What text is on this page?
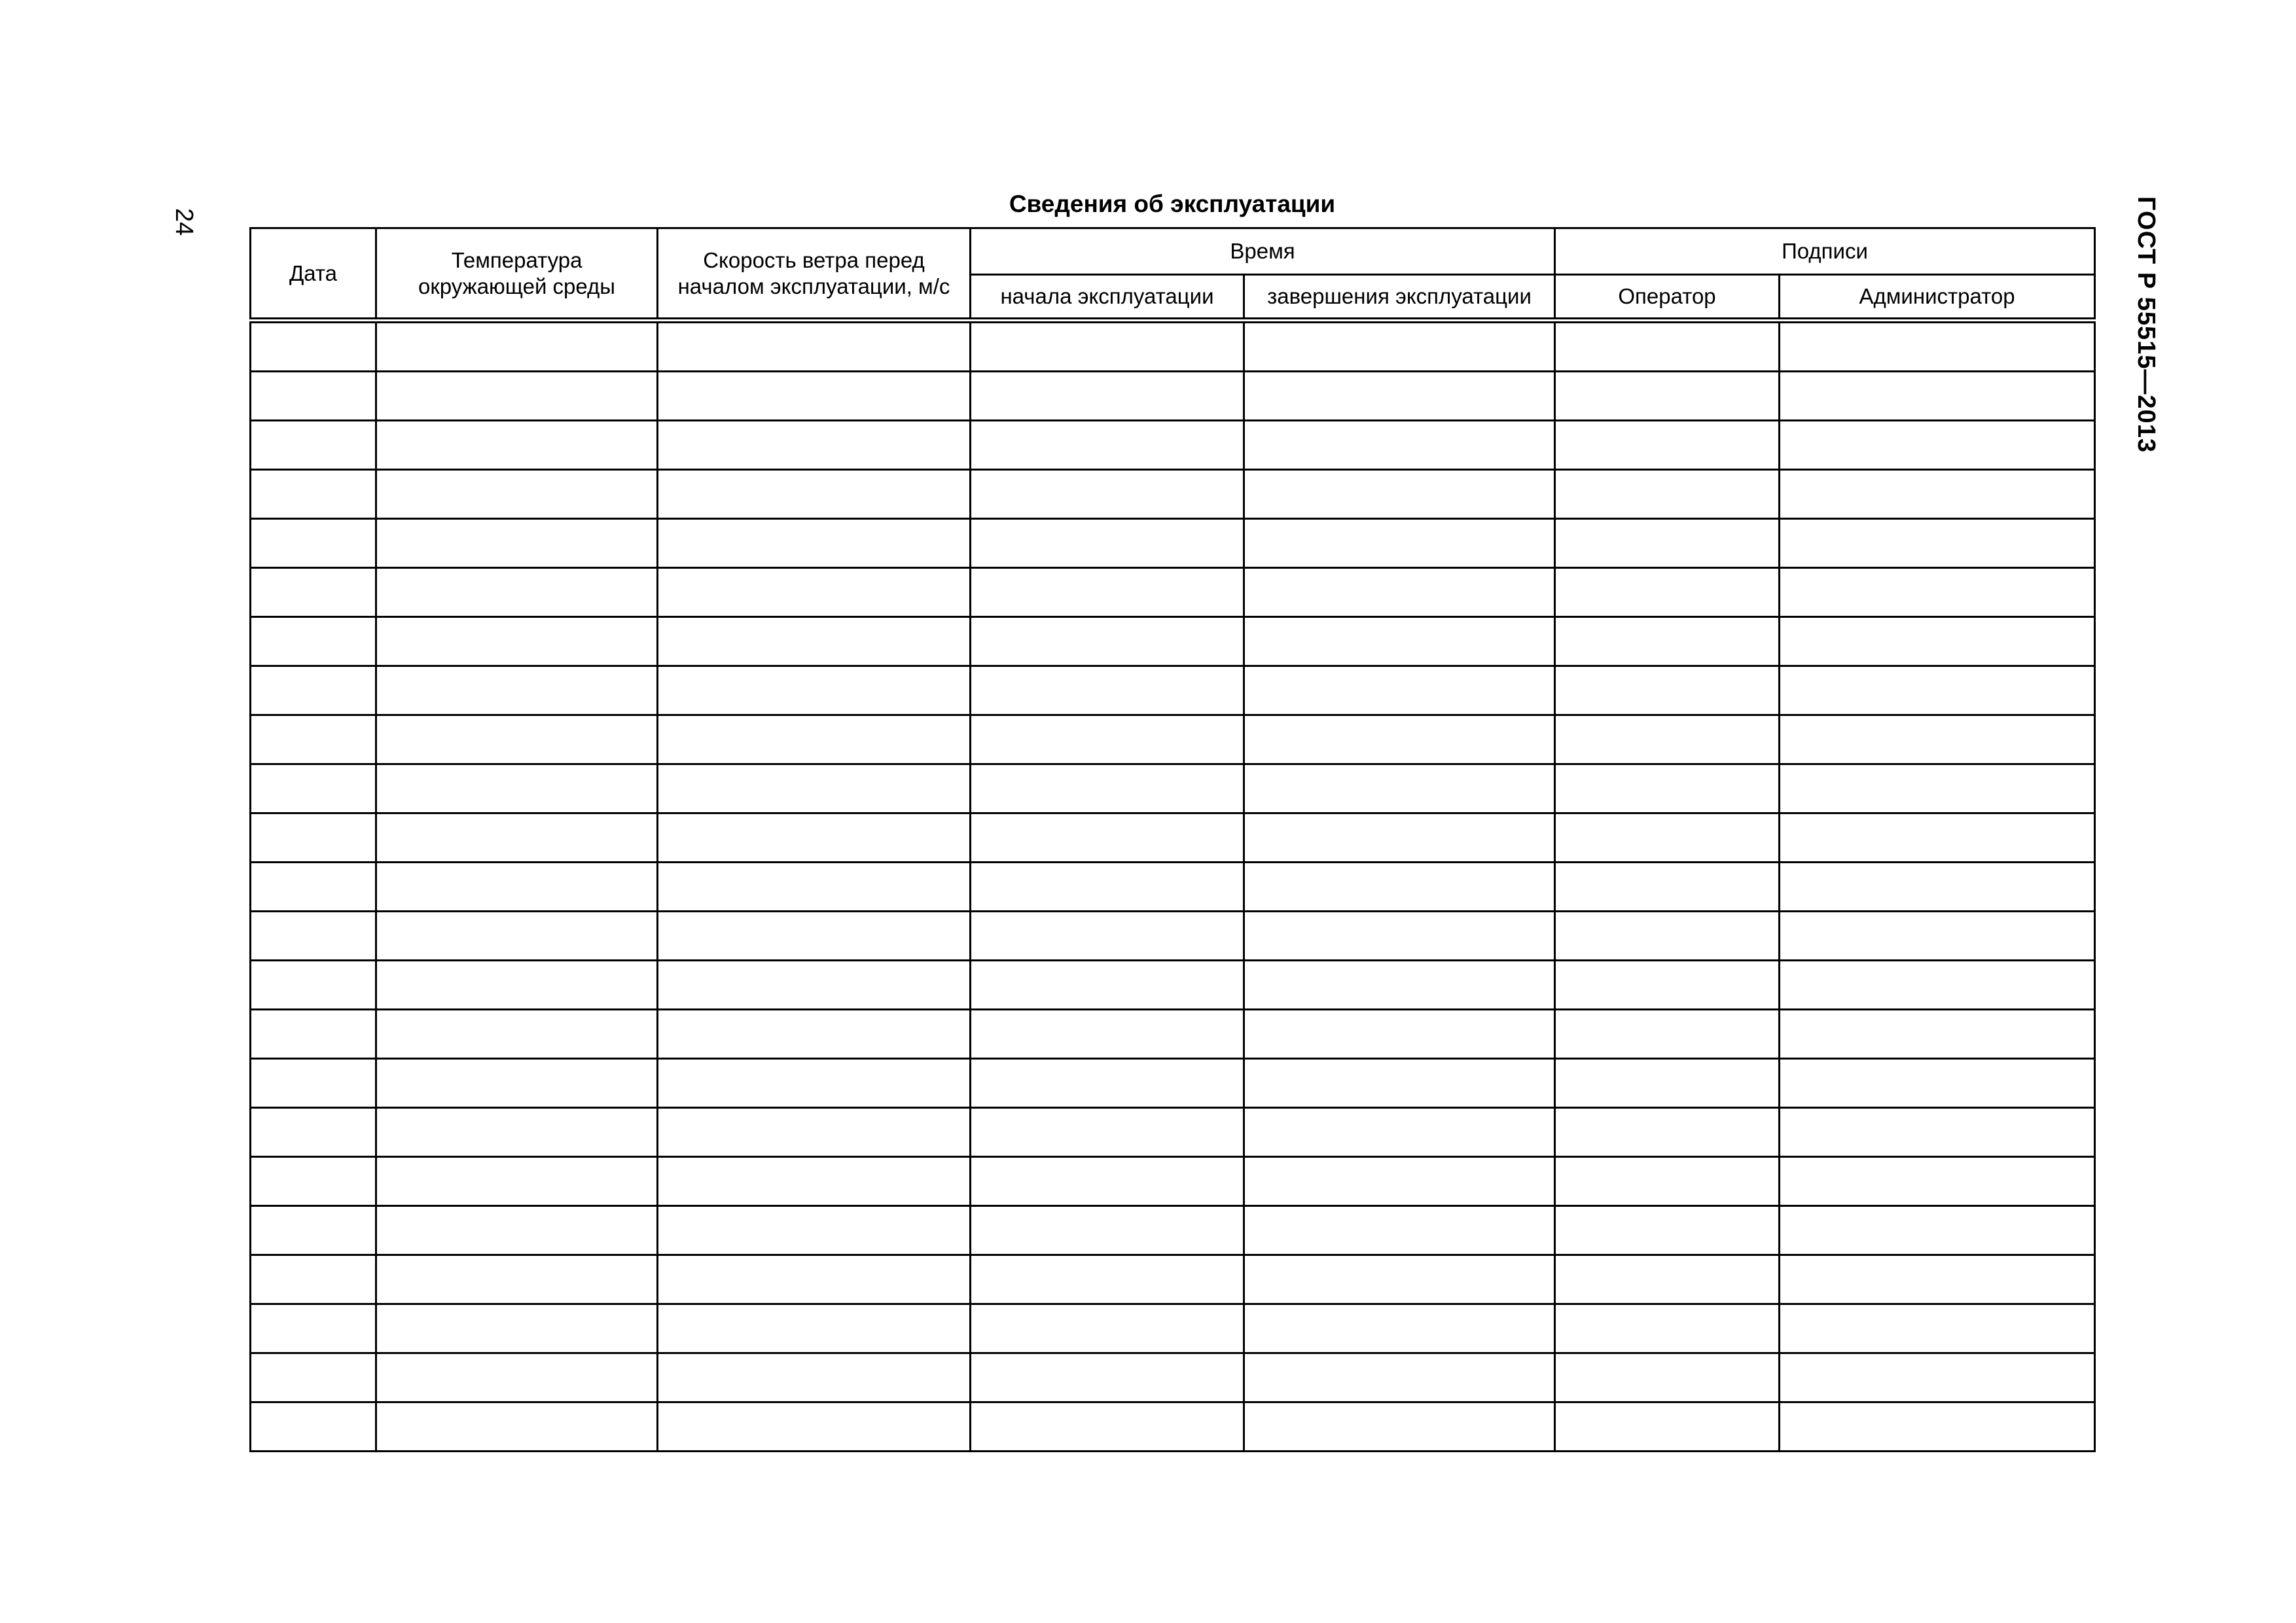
24	ГОСТ Р 55515—2013
Сведения об эксплуатации
Дата	Температура окружающей среды	Скорость ветра перед началом эксплуатации, м/с	Время		Подписи	
			начала эксплуатации	завершения эксплуатации	Оператор	Администратор
